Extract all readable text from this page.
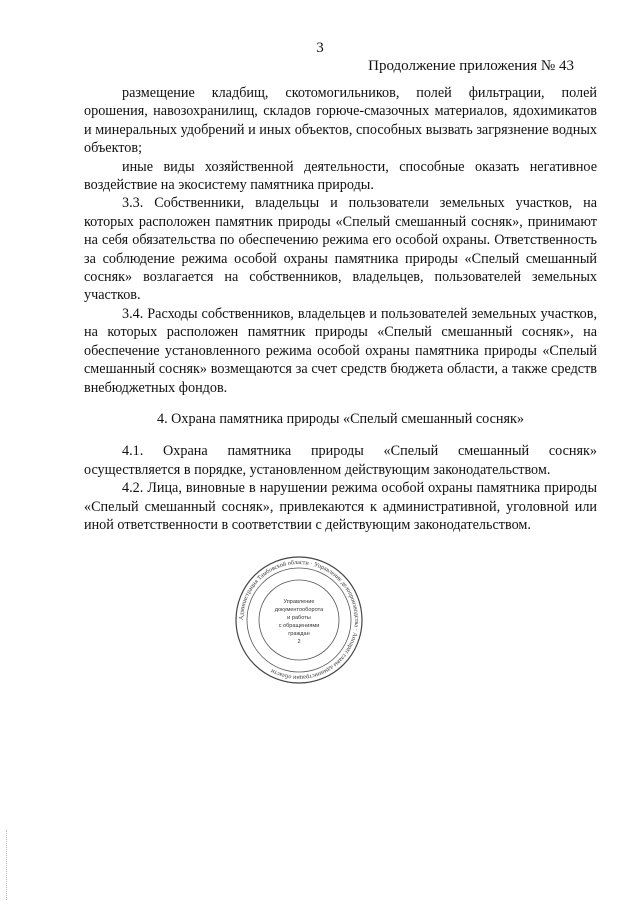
3
Продолжение приложения № 43

размещение кладбищ, скотомогильников, полей фильтрации, полей орошения, навозохранилищ, складов горюче-смазочных материалов, ядохимикатов и минеральных удобрений и иных объектов, способных вызвать загрязнение водных объектов;

иные виды хозяйственной деятельности, способные оказать негативное воздействие на экосистему памятника природы.

3.3. Собственники, владельцы и пользователи земельных участков, на которых расположен памятник природы «Спелый смешанный сосняк», принимают на себя обязательства по обеспечению режима его особой охраны. Ответственность за соблюдение режима особой охраны памятника природы «Спелый смешанный сосняк» возлагается на собственников, владельцев, пользователей земельных участков.

3.4. Расходы собственников, владельцев и пользователей земельных участков, на которых расположен памятник природы «Спелый смешанный сосняк», на обеспечение установленного режима особой охраны памятника природы «Спелый смешанный сосняк» возмещаются за счет средств бюджета области, а также средств внебюджетных фондов.

4. Охрана памятника природы «Спелый смешанный сосняк»

4.1. Охрана памятника природы «Спелый смешанный сосняк» осуществляется в порядке, установленном действующим законодательством.

4.2. Лица, виновные в нарушении режима особой охраны памятника природы «Спелый смешанный сосняк», привлекаются к административной, уголовной или иной ответственности в соответствии с действующим законодательством.

Администрация Тамбовской области · Управление делопроизводства · Аппарат главы администрации области
Управление
документооборота
и работы
с обращениями
граждан
2
